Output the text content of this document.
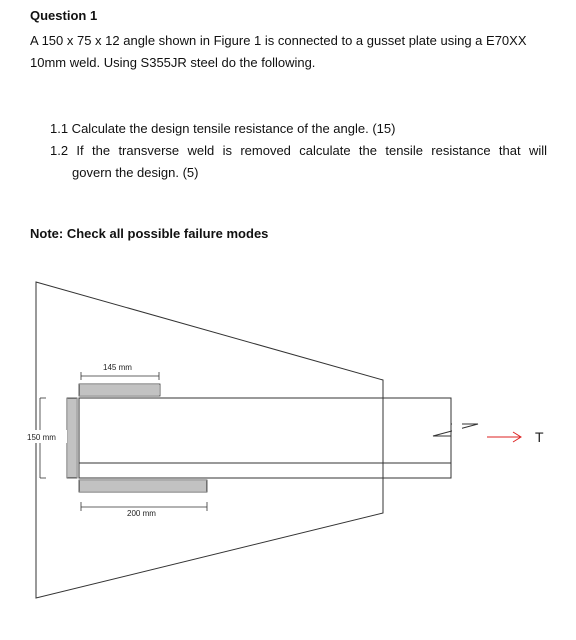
Question 1
A 150 x 75 x 12 angle shown in Figure 1 is connected to a gusset plate using a E70XX 10mm weld. Using S355JR steel do the following.
1.1 Calculate the design tensile resistance of the angle. (15)
1.2 If the transverse weld is removed calculate the tensile resistance that will
govern the design. (5)
Note: Check all possible failure modes
145 mm
150 mm
200 mm
T
